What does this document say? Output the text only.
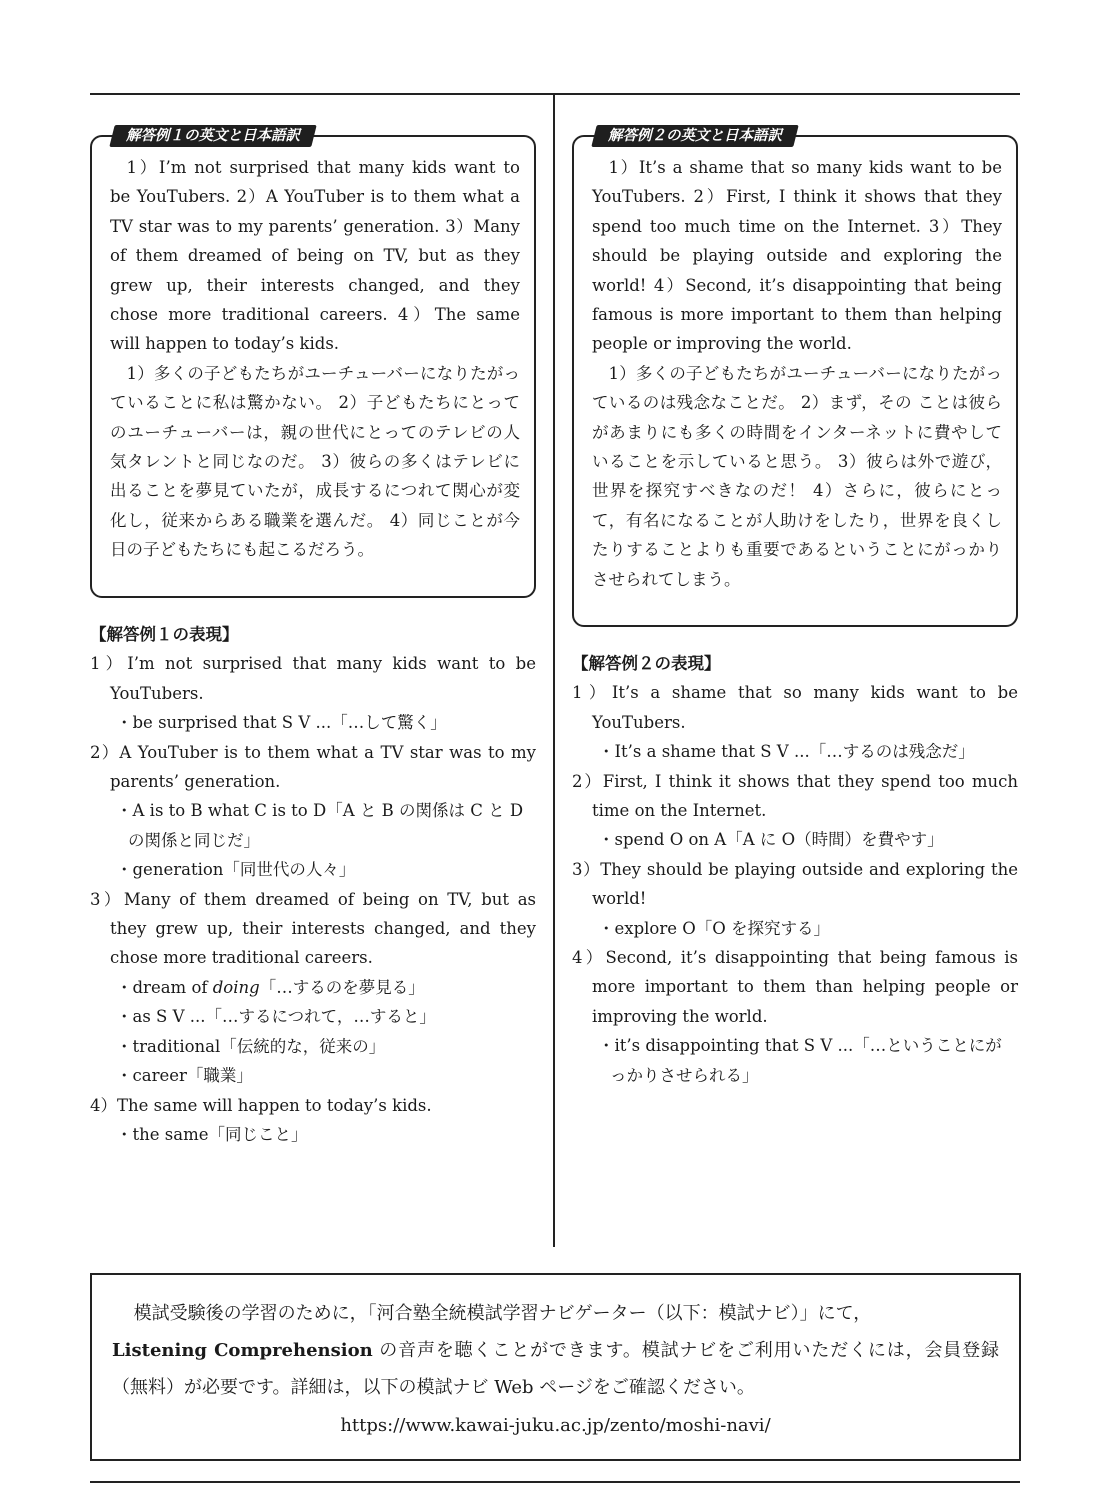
解答例１の英文と日本語訳

1）I’m not surprised that many kids want to be YouTubers. 2）A YouTuber is to them what a TV star was to my parents’ generation. 3）Many of them dreamed of being on TV, but as they grew up, their interests changed, and they chose more traditional careers. 4）The same will happen to today’s kids.

1）多くの子どもたちがユーチューバーになりたがっていることに私は驚かない。 2）子どもたちにとってのユーチューバーは，親の世代にとってのテレビの人気タレントと同じなのだ。 3）彼らの多くはテレビに出ることを夢見ていたが，成長するにつれて関心が変化し，従来からある職業を選んだ。 4）同じことが今日の子どもたちにも起こるだろう。

解答例２の英文と日本語訳

1）It’s a shame that so many kids want to be YouTubers. 2）First, I think it shows that they spend too much time on the Internet. 3）They should be playing outside and exploring the world! 4）Second, it’s disappointing that being famous is more important to them than helping people or improving the world.

1）多くの子どもたちがユーチューバーになりたがっているのは残念なことだ。 2）まず，その ことは彼らがあまりにも多くの時間をインターネットに費やしていることを示していると思う。 3）彼らは外で遊び，世界を探究すべきなのだ！ 4）さらに，彼らにとって，有名になることが人助けをしたり，世界を良くしたりすることよりも重要であるということにがっかりさせられてしまう。

【解答例１の表現】

1）I’m not surprised that many kids want to be YouTubers.

・be surprised that S V ...「…して驚く」

2）A YouTuber is to them what a TV star was to my parents’ generation.

・A is to B what C is to D「A と B の関係は C と D の関係と同じだ」

・generation「同世代の人々」

3）Many of them dreamed of being on TV, but as they grew up, their interests changed, and they chose more traditional careers.

・dream of doing「…するのを夢見る」

・as S V ...「…するにつれて，…すると」

・traditional「伝統的な，従来の」

・career「職業」

4）The same will happen to today’s kids.

・the same「同じこと」

【解答例２の表現】

1）It’s a shame that so many kids want to be YouTubers.

・It’s a shame that S V ...「…するのは残念だ」

2）First, I think it shows that they spend too much time on the Internet.

・spend O on A「A に O（時間）を費やす」

3）They should be playing outside and exploring the world!

・explore O「O を探究する」

4）Second, it’s disappointing that being famous is more important to them than helping people or improving the world.

・it’s disappointing that S V ...「…ということにがっかりさせられる」

模試受験後の学習のために，「河合塾全統模試学習ナビゲーター（以下：模試ナビ）」にて，
Listening Comprehension の音声を聴くことができます。模試ナビをご利用いただくには，会員登録（無料）が必要です。詳細は，以下の模試ナビ Web ページをご確認ください。

https://www.kawai-juku.ac.jp/zento/moshi-navi/
